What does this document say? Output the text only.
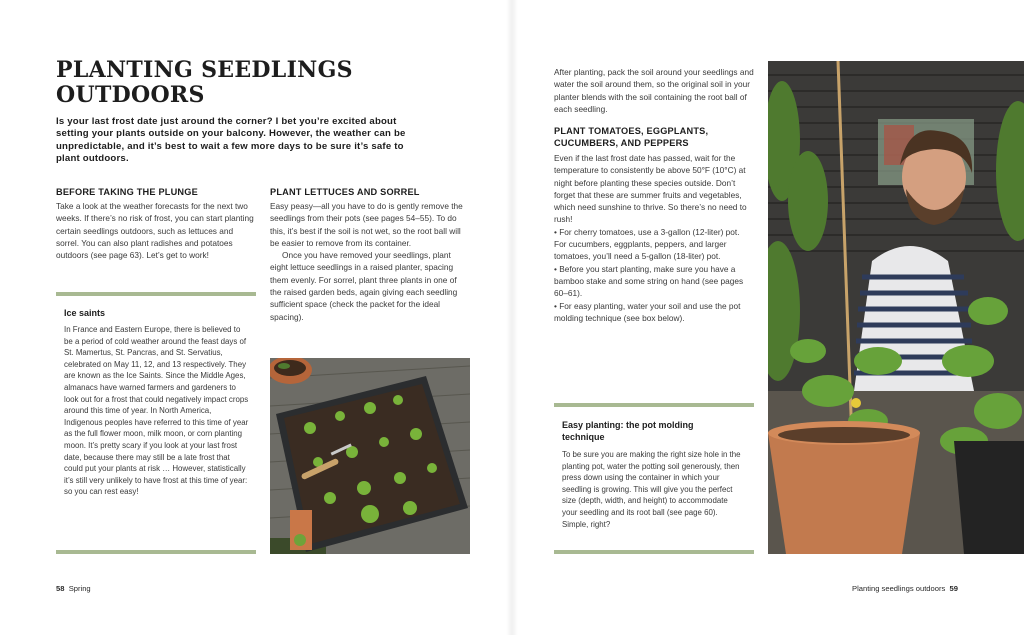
PLANTING SEEDLINGS OUTDOORS

Is your last frost date just around the corner? I bet you’re excited about setting your plants outside on your balcony. However, the weather can be unpredictable, and it’s best to wait a few more days to be sure it’s safe to plant outdoors.

BEFORE TAKING THE PLUNGE

Take a look at the weather forecasts for the next two weeks. If there’s no risk of frost, you can start planting certain seedlings outdoors, such as lettuces and sorrel. You can also plant radishes and potatoes outdoors (see page 63). Let’s get to work!

PLANT LETTUCES AND SORREL

Easy peasy—all you have to do is gently remove the seedlings from their pots (see pages 54–55). To do this, it’s best if the soil is not wet, so the root ball will be easier to remove from its container.

Once you have removed your seedlings, plant eight lettuce seedlings in a raised planter, spacing them evenly. For sorrel, plant three plants in one of the raised garden beds, again giving each seedling sufficient space (check the packet for the ideal spacing).

Ice saints

In France and Eastern Europe, there is believed to be a period of cold weather around the feast days of St. Mamertus, St. Pancras, and St. Servatius, celebrated on May 11, 12, and 13 respectively. They are known as the Ice Saints. Since the Middle Ages, almanacs have warned farmers and gardeners to look out for a frost that could negatively impact crops around this time of year. In North America, Indigenous peoples have referred to this time of year as the full flower moon, milk moon, or corn planting moon. It’s pretty scary if you look at your last frost date, because there may still be a late frost that could put your plants at risk … However, statistically it’s still very unlikely to have frost at this time of year: so you can rest easy!

58 Spring

After planting, pack the soil around your seedlings and water the soil around them, so the original soil in your planter blends with the soil containing the root ball of each seedling.

PLANT TOMATOES, EGGPLANTS, CUCUMBERS, AND PEPPERS

Even if the last frost date has passed, wait for the temperature to consistently be above 50°F (10°C) at night before planting these species outside. Don’t forget that these are summer fruits and vegetables, which need sunshine to thrive. So there’s no need to rush!

• For cherry tomatoes, use a 3-gallon (12-liter) pot. For cucumbers, eggplants, peppers, and larger tomatoes, you’ll need a 5-gallon (18-liter) pot.

• Before you start planting, make sure you have a bamboo stake and some string on hand (see pages 60–61).

• For easy planting, water your soil and use the pot molding technique (see box below).

Easy planting: the pot molding technique

To be sure you are making the right size hole in the planting pot, water the potting soil generously, then press down using the container in which your seedling is growing. This will give you the perfect size (depth, width, and height) to accommodate your seedling and its root ball (see page 60). Simple, right?

Planting seedlings outdoors 59
